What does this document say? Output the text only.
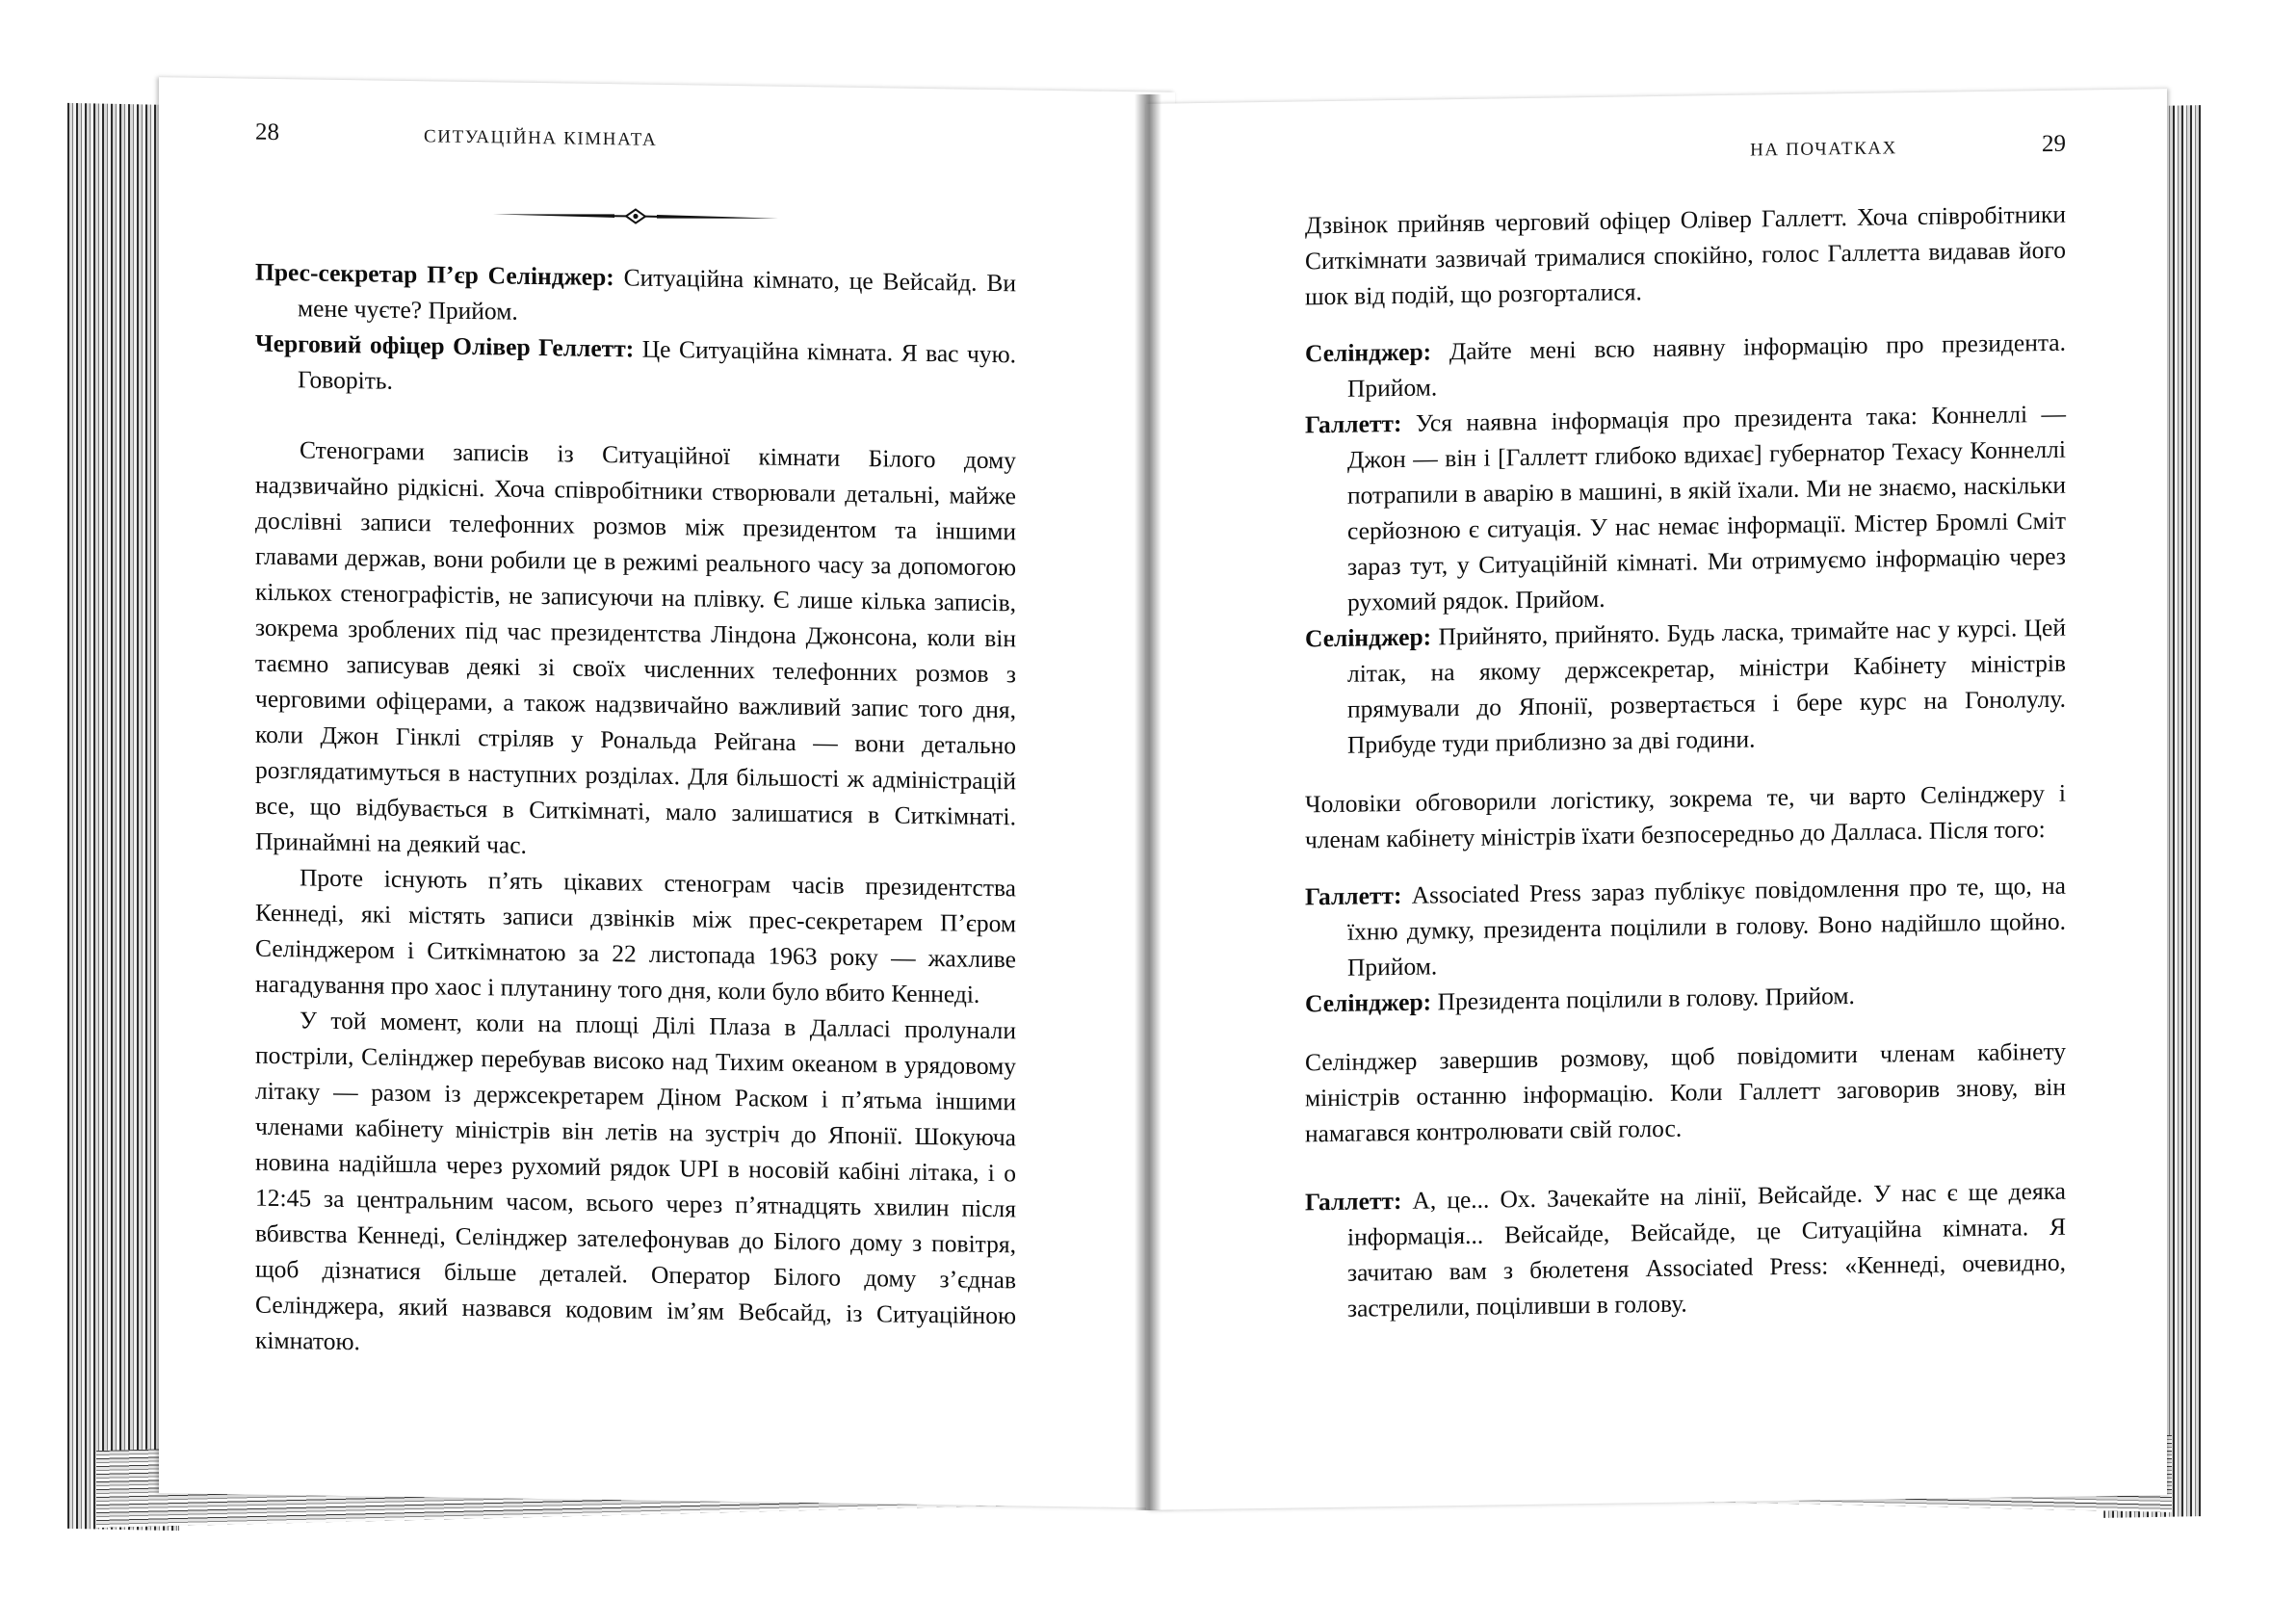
28	СИТУАЦІЙНА КІМНАТА

Прес-секретар П’єр Селінджер: Ситуаційна кімнато, це Вейсайд. Ви мене чуєте? Прийом.

Черговий офіцер Олівер Геллетт: Це Ситуаційна кімната. Я вас чую. Говоріть.

Стенограми записів із Ситуаційної кімнати Білого дому надзвичайно рідкісні. Хоча співробітники створювали детальні, майже дослівні записи телефонних розмов між президентом та іншими главами держав, вони робили це в режимі реального часу за допомогою кількох стенографістів, не записуючи на плівку. Є лише кілька записів, зокрема зроблених під час президентства Ліндона Джонсона, коли він таємно записував деякі зі своїх численних телефонних розмов з черговими офіцерами, а також надзвичайно важливий запис того дня, коли Джон Гінклі стріляв у Рональда Рейгана — вони детально розглядатимуться в наступних розділах. Для більшості ж адміністрацій все, що відбувається в Ситкімнаті, мало залишатися в Ситкімнаті. Принаймні на деякий час.

Проте існують п’ять цікавих стенограм часів президентства Кеннеді, які містять записи дзвінків між прес-секретарем П’єром Селінджером і Ситкімнатою за 22 листопада 1963 року — жахливе нагадування про хаос і плутанину того дня, коли було вбито Кеннеді.

У той момент, коли на площі Ділі Плаза в Далласі пролунали постріли, Селінджер перебував високо над Тихим океаном в урядовому літаку — разом із держсекретарем Діном Раском і п’ятьма іншими членами кабінету міністрів він летів на зустріч до Японії. Шокуюча новина надійшла через рухомий рядок UPI в носовій кабіні літака, і о 12:45 за центральним часом, всього через п’ятнадцять хвилин після вбивства Кеннеді, Селінджер зателефонував до Білого дому з повітря, щоб дізнатися більше деталей. Оператор Білого дому з’єднав Селінджера, який назвався кодовим ім’ям Вебсайд, із Ситуаційною кімнатою.

НА ПОЧАТКАХ	29

Дзвінок прийняв черговий офіцер Олівер Галлетт. Хоча співробітники Ситкімнати зазвичай трималися спокійно, голос Галлетта видавав його шок від подій, що розгорталися.

Селінджер: Дайте мені всю наявну інформацію про президента. Прийом.

Галлетт: Уся наявна інформація про президента така: Коннеллі — Джон — він і [Галлетт глибоко вдихає] губернатор Техасу Коннеллі потрапили в аварію в машині, в якій їхали. Ми не знаємо, наскільки серйозною є ситуація. У нас немає інформації. Містер Бромлі Сміт зараз тут, у Ситуаційній кімнаті. Ми отримуємо інформацію через рухомий рядок. Прийом.

Селінджер: Прийнято, прийнято. Будь ласка, тримайте нас у курсі. Цей літак, на якому держсекретар, міністри Кабінету міністрів прямували до Японії, розвертається і бере курс на Гонолулу. Прибуде туди приблизно за дві години.

Чоловіки обговорили логістику, зокрема те, чи варто Селінджеру і членам кабінету міністрів їхати безпосередньо до Далласа. Після того:

Галлетт: Associated Press зараз публікує повідомлення про те, що, на їхню думку, президента поцілили в голову. Воно надійшло щойно. Прийом.

Селінджер: Президента поцілили в голову. Прийом.

Селінджер завершив розмову, щоб повідомити членам кабінету міністрів останню інформацію. Коли Галлетт заговорив знову, він намагався контролювати свій голос.

Галлетт: А, це... Ох. Зачекайте на лінії, Вейсайде. У нас є ще деяка інформація... Вейсайде, Вейсайде, це Ситуаційна кімната. Я зачитаю вам з бюлетеня Associated Press: «Кеннеді, очевидно, застрелили, поціливши в голову.
